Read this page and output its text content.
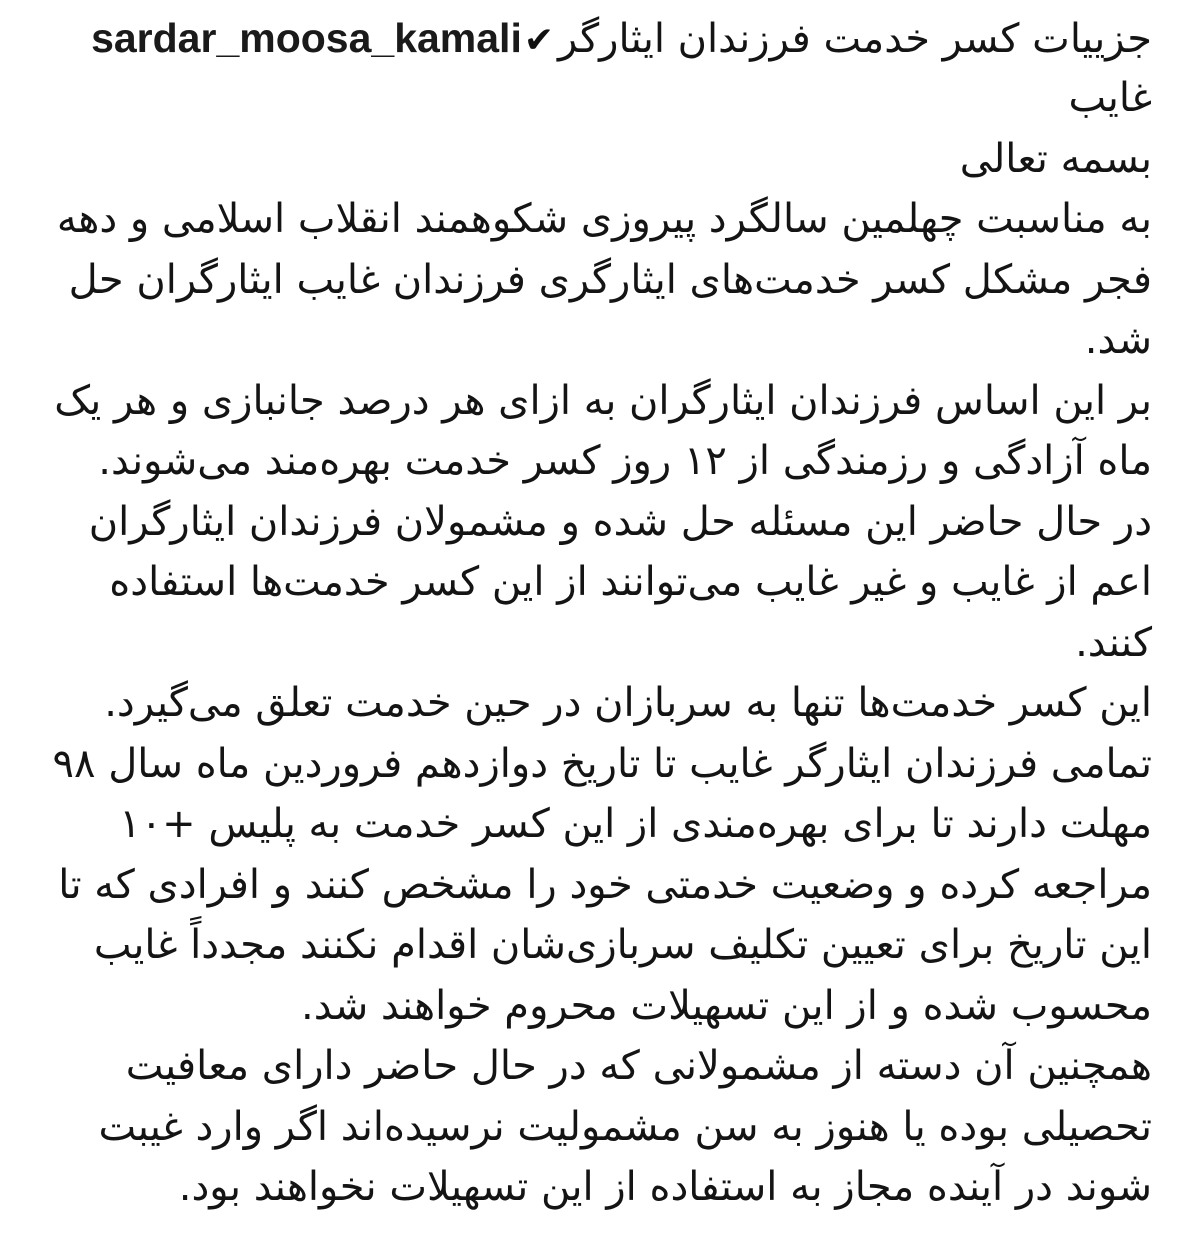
sardar_moosa_kamali ✔ جزییات کسر خدمت فرزندان ایثارگر
غایب
بسمه تعالی
به مناسبت چهلمین سالگرد پیروزی شکوهمند انقلاب اسلامی و دهه
فجر مشکل کسر خدمت‌های ایثارگری فرزندان غایب ایثارگران حل
شد.
بر این اساس فرزندان ایثارگران به ازای هر درصد جانبازی و هر یک
ماه آزادگی و رزمندگی از ۱۲ روز کسر خدمت بهره‌مند می‌شوند.
در حال حاضر این مسئله حل شده و مشمولان فرزندان ایثارگران
اعم از غایب و غیر غایب می‌توانند از این کسر خدمت‌ها استفاده
کنند.
این کسر خدمت‌ها تنها به سربازان در حین خدمت تعلق می‌گیرد.
تمامی فرزندان ایثارگر غایب تا تاریخ دوازدهم فروردین ماه سال ۹۸
مهلت دارند تا برای بهره‌مندی از این کسر خدمت به پلیس +۱۰
مراجعه کرده و وضعیت خدمتی خود را مشخص کنند و افرادی که تا
این تاریخ برای تعیین تکلیف سربازی‌شان اقدام نکنند مجدداً غایب
محسوب شده و از این تسهیلات محروم خواهند شد.
همچنین آن دسته از مشمولانی که در حال حاضر دارای معافیت
تحصیلی بوده یا هنوز به سن مشمولیت نرسیده‌اند اگر وارد غیبت
شوند در آینده مجاز به استفاده از این تسهیلات نخواهند بود.
